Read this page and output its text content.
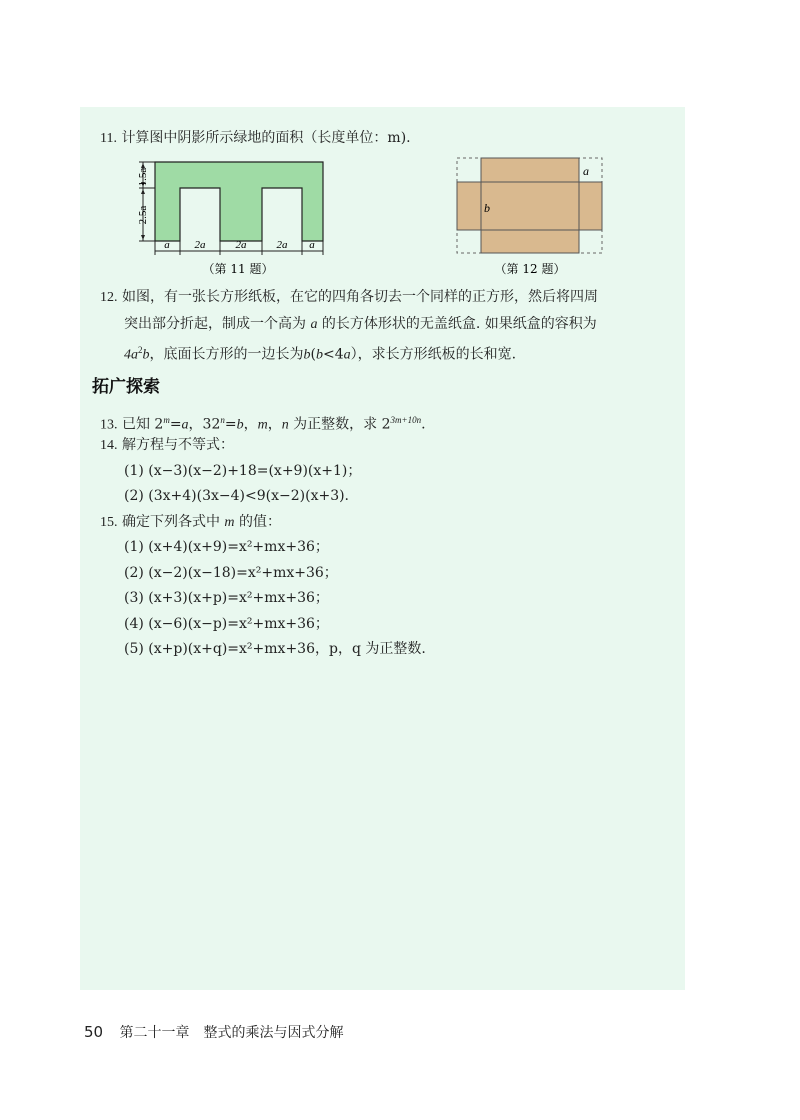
11. 计算图中阴影所示绿地的面积（长度单位：m).
1.5a
2.5a
a 2a	2a	2a a
（第 11 题）
a
b
（第 12 题）
12. 如图，有一张长方形纸板，在它的四角各切去一个同样的正方形，然后将四周
突出部分折起，制成一个高为 a 的长方体形状的无盖纸盒. 如果纸盒的容积为
$4a^2b$，底面长方形的一边长为b(b<4a），求长方形纸板的长和宽.
拓广探索
13. 已知 $2^m=a$，$32^n=b$，m，n 为正整数，求 $2^{3m+10n}$.
14. 解方程与不等式：
(1) (x−3)(x−2)+18=(x+9)(x+1)；
(2) (3x+4)(3x−4)<9(x−2)(x+3).
15. 确定下列各式中 m 的值：
(1) (x+4)(x+9)=x²+mx+36；
(2) (x−2)(x−18)=x²+mx+36；
(3) (x+3)(x+p)=x²+mx+36；
(4) (x−6)(x−p)=x²+mx+36；
(5) (x+p)(x+q)=x²+mx+36，p，q 为正整数.
50 第二十一章　整式的乘法与因式分解
